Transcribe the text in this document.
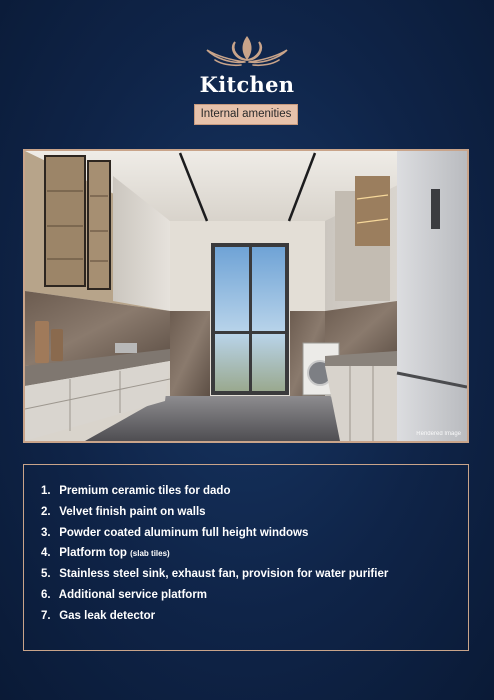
Kitchen
Internal amenities
Rendered Image
1. Premium ceramic tiles for dado
2. Velvet finish paint on walls
3. Powder coated aluminum full height windows
4. Platform top (slab tiles)
5. Stainless steel sink, exhaust fan, provision for water purifier
6. Additional service platform
7. Gas leak detector
